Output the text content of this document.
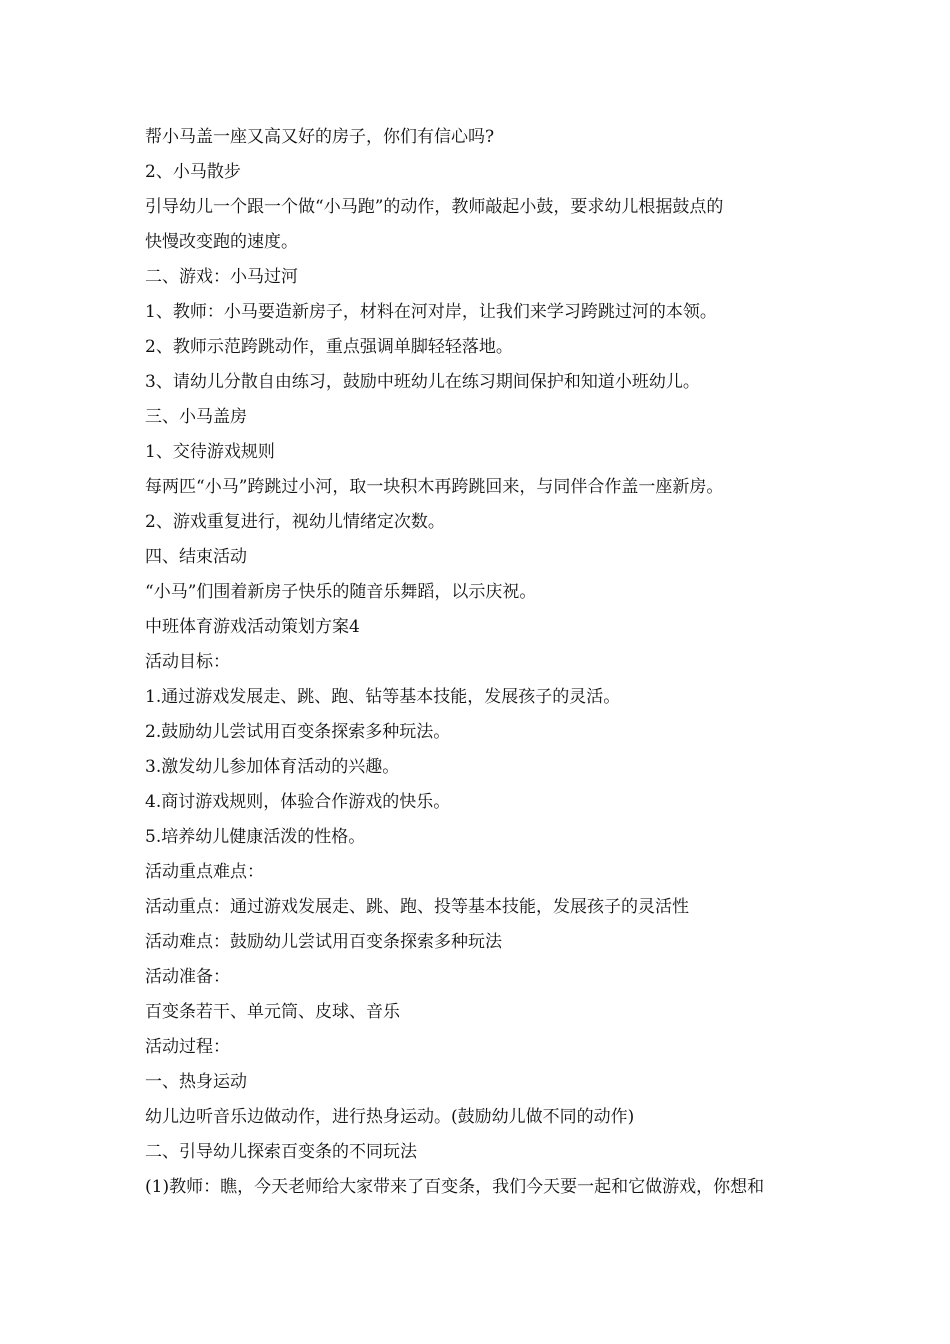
帮小马盖一座又高又好的房子，你们有信心吗?
2、小马散步
引导幼儿一个跟一个做“小马跑”的动作，教师敲起小鼓，要求幼儿根据鼓点的
快慢改变跑的速度。
二、游戏：小马过河
1、教师：小马要造新房子，材料在河对岸，让我们来学习跨跳过河的本领。
2、教师示范跨跳动作，重点强调单脚轻轻落地。
3、请幼儿分散自由练习，鼓励中班幼儿在练习期间保护和知道小班幼儿。
三、小马盖房
1、交待游戏规则
每两匹“小马”跨跳过小河，取一块积木再跨跳回来，与同伴合作盖一座新房。
2、游戏重复进行，视幼儿情绪定次数。
四、结束活动
“小马”们围着新房子快乐的随音乐舞蹈，以示庆祝。
中班体育游戏活动策划方案4
活动目标：
1.通过游戏发展走、跳、跑、钻等基本技能，发展孩子的灵活。
2.鼓励幼儿尝试用百变条探索多种玩法。
3.激发幼儿参加体育活动的兴趣。
4.商讨游戏规则，体验合作游戏的快乐。
5.培养幼儿健康活泼的性格。
活动重点难点：
活动重点：通过游戏发展走、跳、跑、投等基本技能，发展孩子的灵活性
活动难点：鼓励幼儿尝试用百变条探索多种玩法
活动准备：
百变条若干、单元筒、皮球、音乐
活动过程：
一、热身运动
幼儿边听音乐边做动作，进行热身运动。(鼓励幼儿做不同的动作)
二、引导幼儿探索百变条的不同玩法
(1)教师：瞧，今天老师给大家带来了百变条，我们今天要一起和它做游戏，你想和
